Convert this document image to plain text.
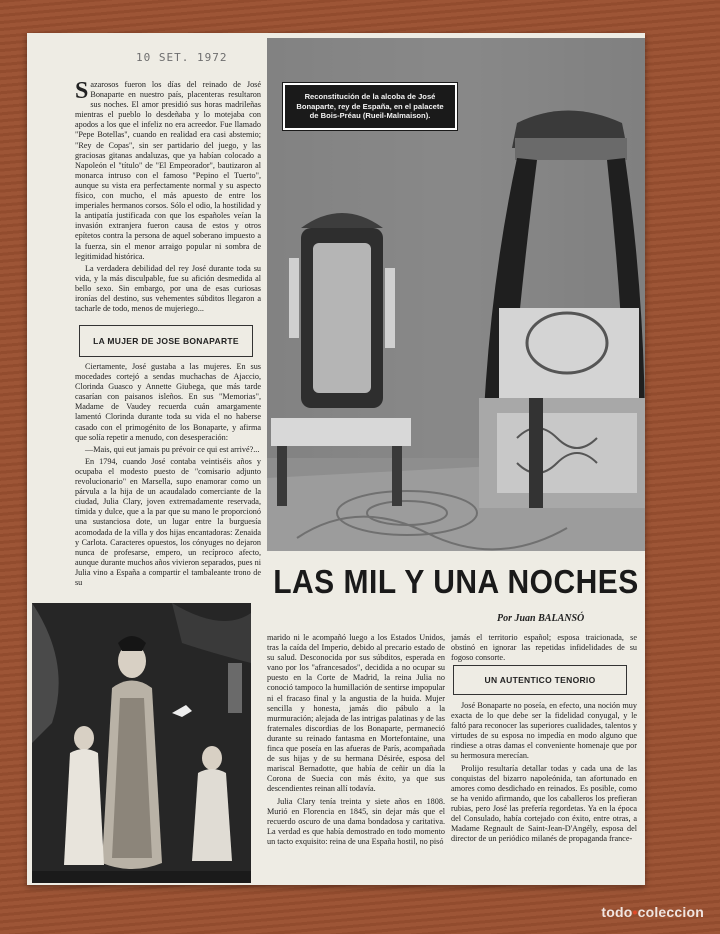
10 SET. 1972

Sazarosos fueron los días del reinado de José Bonaparte en nuestro país, placenteras resultaron sus noches. El amor presidió sus horas madrileñas mientras el pueblo lo desdeñaba y lo motejaba con apodos a los que el infeliz no era acreedor. Fue llamado "Pepe Botellas", cuando en realidad era casi abstemio; "Rey de Copas", sin ser partidario del juego, y las graciosas gitanas andaluzas, que ya habían colocado a Napoleón el "título" de "El Empeorador", bautizaron al monarca intruso con el famoso "Pepino el Tuerto", aunque su vista era perfectamente normal y su aspecto físico, con mucho, el más apuesto de entre los imperiales hermanos corsos. Sólo el odio, la hostilidad y la antipatía justificada con que los españoles veían la invasión extranjera fueron causa de estos y otros epítetos contra la persona de aquel soberano impuesto a la fuerza, sin el menor arraigo popular ni sombra de legitimidad histórica.

La verdadera debilidad del rey José durante toda su vida, y la más disculpable, fue su afición desmedida al bello sexo. Sin embargo, por una de esas curiosas ironías del destino, sus vehementes súbditos llegaron a tacharle de todo, menos de mujeriego...

LA MUJER DE JOSE BONAPARTE

Ciertamente, José gustaba a las mujeres. En sus mocedades cortejó a sendas muchachas de Ajaccio, Clorinda Guasco y Annette Giubega, que más tarde casarían con paisanos isleños. En sus "Memorias", Madame de Vaudey recuerda cuán amargamente lamentó Clorinda durante toda su vida el no haberse casado con el primogénito de los Bonaparte, y afirma que solía repetir a menudo, con desesperación:

—Mais, qui eut jamais pu prévoir ce qui est arrivé?...

En 1794, cuando José contaba veintiséis años y ocupaba el modesto puesto de "comisario adjunto revolucionario" en Marsella, supo enamorar como un párvula a la hija de un acaudalado comerciante de la ciudad, Julia Clary, joven extremadamente reservada, tímida y dulce, que a la par que su mano le proporcionó una sustanciosa dote, un lugar entre la burguesía acomodada de la villa y dos hijas encantadoras: Zenaida y Carlota. Caracteres opuestos, los cónyuges no dejaron nunca de profesarse, empero, un recíproco afecto, aunque durante muchos años vivieron separados, pues ni Julia vino a España a compartir el tambaleante trono de su

Reconstitución de la alcoba de José Bonaparte, rey de España, en el palacete de Bois-Préau (Rueil-Malmaison).
LAS MIL Y UNA NOCHES
Por Juan BALANSÓ

marido ni le acompañó luego a los Estados Unidos, tras la caída del Imperio, debido al precario estado de su salud. Desconocida por sus súbditos, esperada en vano por los "afrancesados", decidida a no ocupar su puesto en la Corte de Madrid, la reina Julia no conoció tampoco la humillación de sentirse impopular ni el fracaso final y la angustia de la huida. Mujer sencilla y honesta, jamás dio pábulo a la murmuración; alejada de las intrigas palatinas y de las fraternales discordias de los Bonaparte, permaneció durante su reinado fantasma en Mortefontaine, una finca que poseía en las afueras de París, acompañada de sus hijas y de su hermana Désirée, esposa del mariscal Bernadotte, que había de ceñir un día la Corona de Suecia con más éxito, ya que sus descendientes reinan allí todavía.

Julia Clary tenía treinta y siete años en 1808. Murió en Florencia en 1845, sin dejar más que el recuerdo oscuro de una dama bondadosa y caritativa. La verdad es que había demostrado en todo momento un tacto exquisito: reina de una España hostil, no pisó

jamás el territorio español; esposa traicionada, se obstinó en ignorar las repetidas infidelidades de su fogoso consorte.

UN AUTENTICO TENORIO

José Bonaparte no poseía, en efecto, una noción muy exacta de lo que debe ser la fidelidad conyugal, y le faltó para reconocer las superiores cualidades, talentos y virtudes de su esposa no impedía en modo alguno que rindiese a otras damas el conveniente homenaje que por su hermosura merecían.

Prolijo resultaría detallar todas y cada una de las conquistas del bizarro napoleónida, tan afortunado en amores como desdichado en reinados. Es posible, como se ha venido afirmando, que los caballeros los prefieran rubias, pero José las prefería regordetas. Ya en la época del Consulado, había cortejado con éxito, entre otras, a Madame Regnault de Saint-Jean-D'Angély, esposa del director de un periódico milanés de propaganda france-

todo•coleccion
